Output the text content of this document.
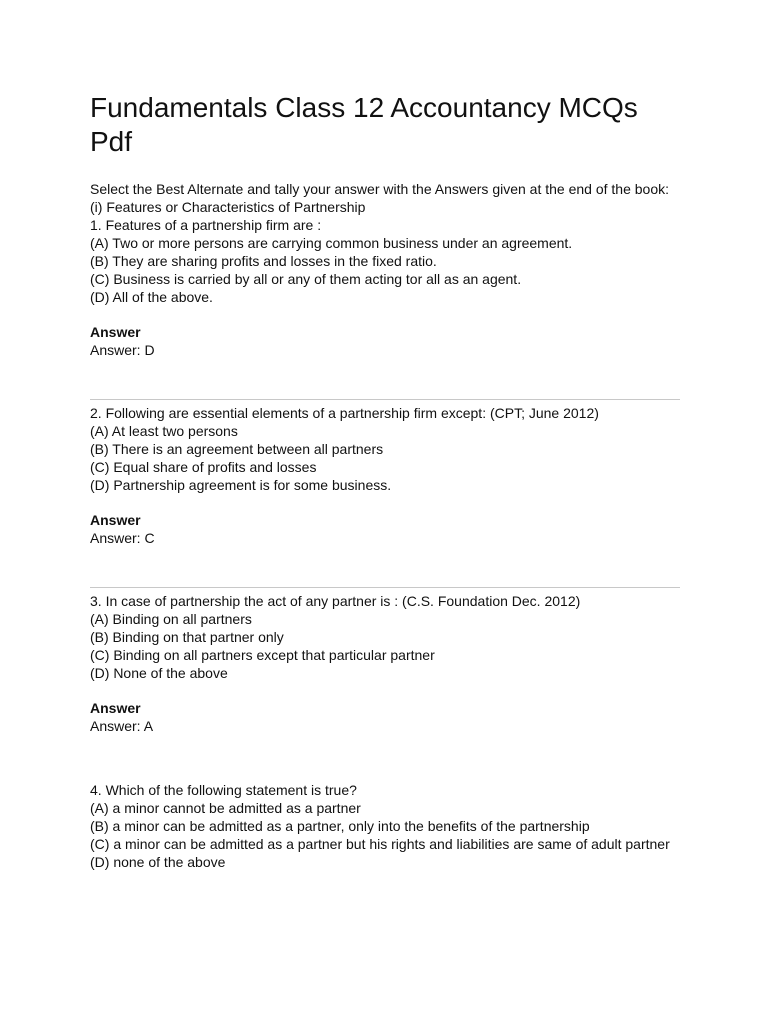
Fundamentals Class 12 Accountancy MCQs Pdf
Select the Best Alternate and tally your answer with the Answers given at the end of the book:
(i) Features or Characteristics of Partnership
1. Features of a partnership firm are :
(A) Two or more persons are carrying common business under an agreement.
(B) They are sharing profits and losses in the fixed ratio.
(C) Business is carried by all or any of them acting tor all as an agent.
(D) All of the above.
Answer
Answer: D
2. Following are essential elements of a partnership firm except: (CPT; June 2012)
(A) At least two persons
(B) There is an agreement between all partners
(C) Equal share of profits and losses
(D) Partnership agreement is for some business.
Answer
Answer: C
3. In case of partnership the act of any partner is : (C.S. Foundation Dec. 2012)
(A) Binding on all partners
(B) Binding on that partner only
(C) Binding on all partners except that particular partner
(D) None of the above
Answer
Answer: A
4. Which of the following statement is true?
(A) a minor cannot be admitted as a partner
(B) a minor can be admitted as a partner, only into the benefits of the partnership
(C) a minor can be admitted as a partner but his rights and liabilities are same of adult partner
(D) none of the above
